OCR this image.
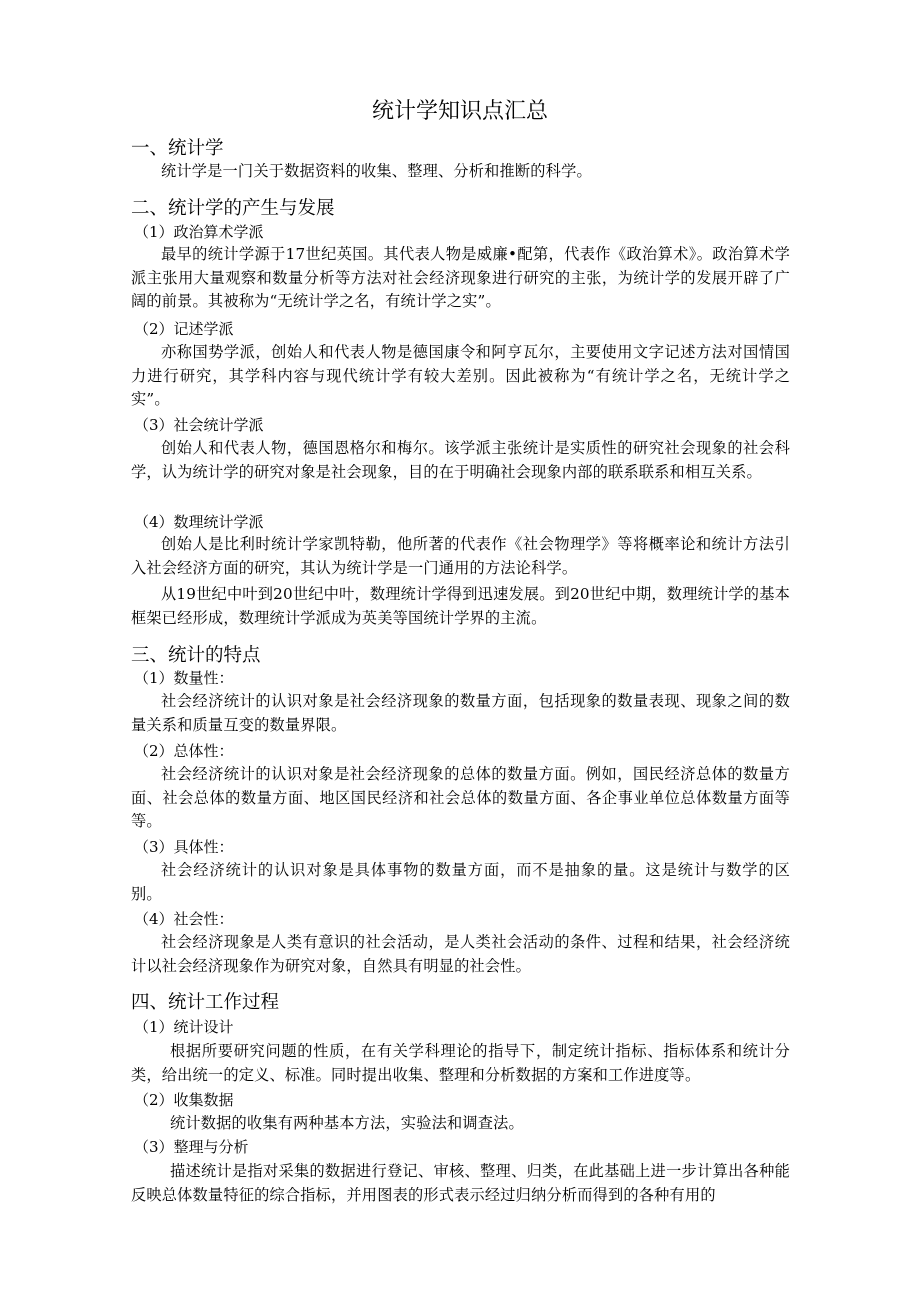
统计学知识点汇总
一、统计学
统计学是一门关于数据资料的收集、整理、分析和推断的科学。
二、统计学的产生与发展
（1）政治算术学派
最早的统计学源于17世纪英国。其代表人物是威廉•配第，代表作《政治算术》。政治算术学派主张用大量观察和数量分析等方法对社会经济现象进行研究的主张，为统计学的发展开辟了广阔的前景。其被称为“无统计学之名，有统计学之实”。
（2）记述学派
亦称国势学派，创始人和代表人物是德国康令和阿亨瓦尔，主要使用文字记述方法对国情国力进行研究，其学科内容与现代统计学有较大差别。因此被称为“有统计学之名，无统计学之实”。
（3）社会统计学派
创始人和代表人物，德国恩格尔和梅尔。该学派主张统计是实质性的研究社会现象的社会科学，认为统计学的研究对象是社会现象，目的在于明确社会现象内部的联系联系和相互关系。
（4）数理统计学派
创始人是比利时统计学家凯特勒，他所著的代表作《社会物理学》等将概率论和统计方法引入社会经济方面的研究，其认为统计学是一门通用的方法论科学。
从19世纪中叶到20世纪中叶，数理统计学得到迅速发展。到20世纪中期，数理统计学的基本框架已经形成，数理统计学派成为英美等国统计学界的主流。
三、统计的特点
（1）数量性：
社会经济统计的认识对象是社会经济现象的数量方面，包括现象的数量表现、现象之间的数量关系和质量互变的数量界限。
（2）总体性：
社会经济统计的认识对象是社会经济现象的总体的数量方面。例如，国民经济总体的数量方面、社会总体的数量方面、地区国民经济和社会总体的数量方面、各企事业单位总体数量方面等等。
（3）具体性：
社会经济统计的认识对象是具体事物的数量方面，而不是抽象的量。这是统计与数学的区别。
（4）社会性：
社会经济现象是人类有意识的社会活动，是人类社会活动的条件、过程和结果，社会经济统计以社会经济现象作为研究对象，自然具有明显的社会性。
四、统计工作过程
（1）统计设计
根据所要研究问题的性质，在有关学科理论的指导下，制定统计指标、指标体系和统计分类，给出统一的定义、标准。同时提出收集、整理和分析数据的方案和工作进度等。
（2）收集数据
统计数据的收集有两种基本方法，实验法和调查法。
（3）整理与分析
描述统计是指对采集的数据进行登记、审核、整理、归类，在此基础上进一步计算出各种能反映总体数量特征的综合指标，并用图表的形式表示经过归纳分析而得到的各种有用的
